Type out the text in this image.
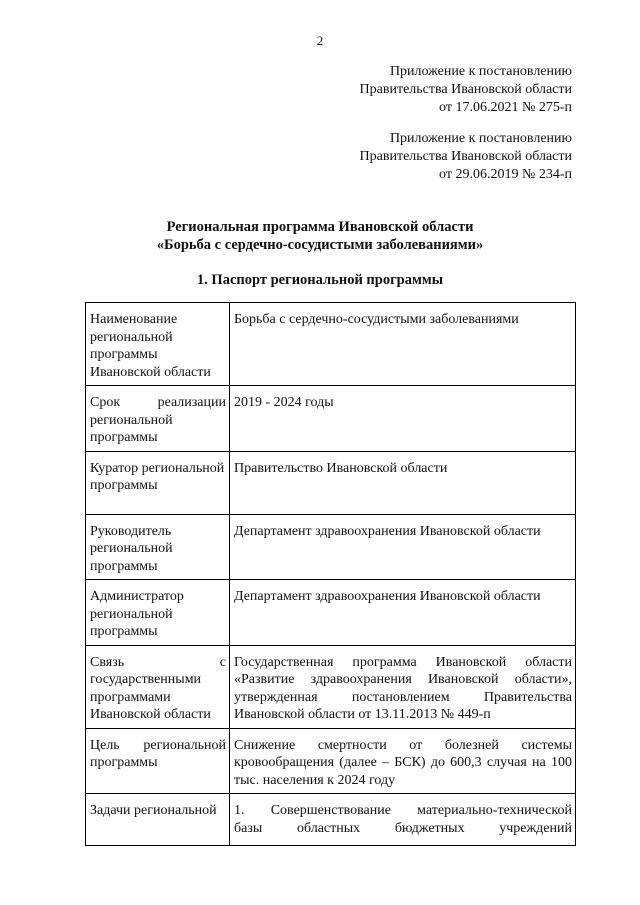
2
Приложение к постановлению
Правительства Ивановской области
от 17.06.2021 № 275-п
Приложение к постановлению
Правительства Ивановской области
от 29.06.2019 № 234-п
Региональная программа Ивановской области
«Борьба с сердечно-сосудистыми заболеваниями»
1. Паспорт региональной программы
Наименование региональной программы Ивановской области	Борьба с сердечно-сосудистыми заболеваниями

Срок реализации
региональной программы	2019 - 2024 годы
Куратор региональной программы	Правительство Ивановской области
Руководитель региональной программы	Департамент здравоохранения Ивановской области
Администратор региональной программы	Департамент здравоохранения Ивановской области

Связь с
государственными программами Ивановской области	Государственная программа Ивановской области «Развитие здравоохранения Ивановской области», утвержденная постановлением Правительства Ивановской области от 13.11.2013 № 449-п

Цель региональной
программы	Снижение смертности от болезней системы кровообращения (далее – БСК) до 600,3 случая на 100 тыс. населения к 2024 году
Задачи региональной	1. Совершенствование материально-технической
базы областных бюджетных учреждений
